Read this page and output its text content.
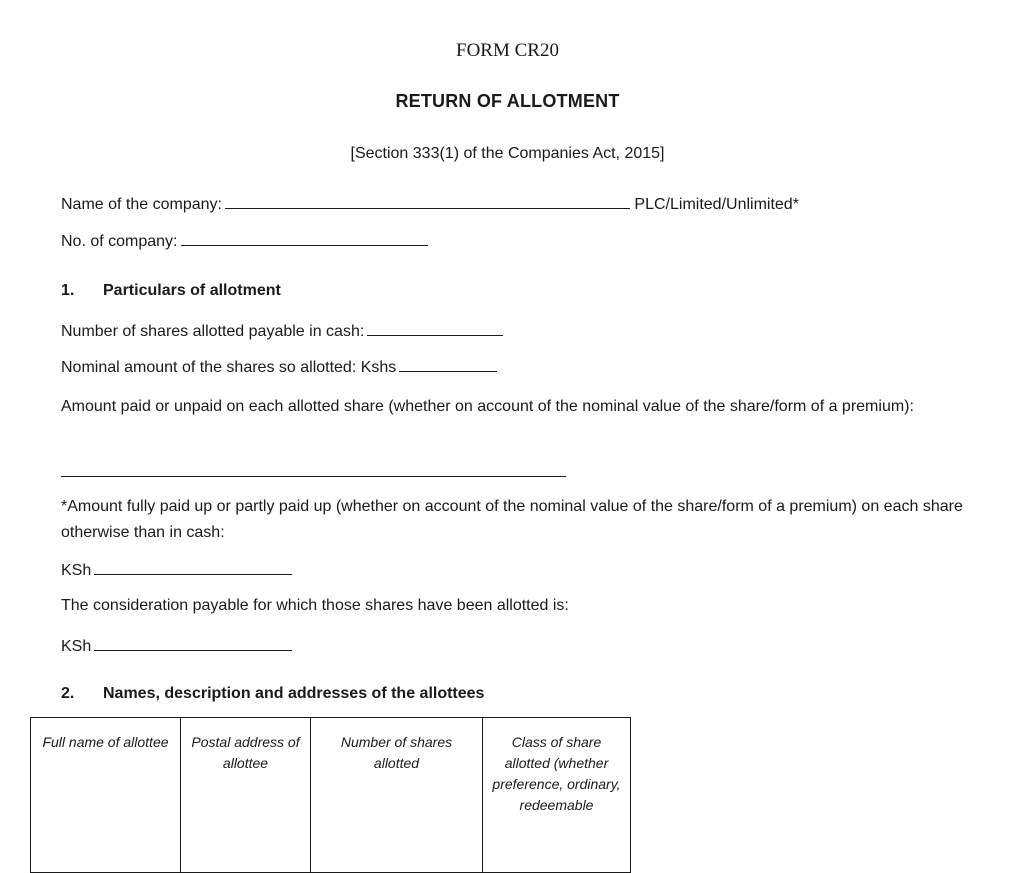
FORM CR20
RETURN OF ALLOTMENT
[Section 333(1) of the Companies Act, 2015]
Name of the company:	PLC/Limited/Unlimited*
No. of company:
1. Particulars of allotment
Number of shares allotted payable in cash:
Nominal amount of the shares so allotted: Kshs
Amount paid or unpaid on each allotted share (whether on account of the nominal value of the share/form of a premium):
*Amount fully paid up or partly paid up (whether on account of the nominal value of the share/form of a premium) on each share otherwise than in cash:
KSh
The consideration payable for which those shares have been allotted is:
KSh
2. Names, description and addresses of the allottees
Full name of allottee	Postal address of allottee	Number of shares allotted	Class of share allotted (whether preference, ordinary, redeemable
